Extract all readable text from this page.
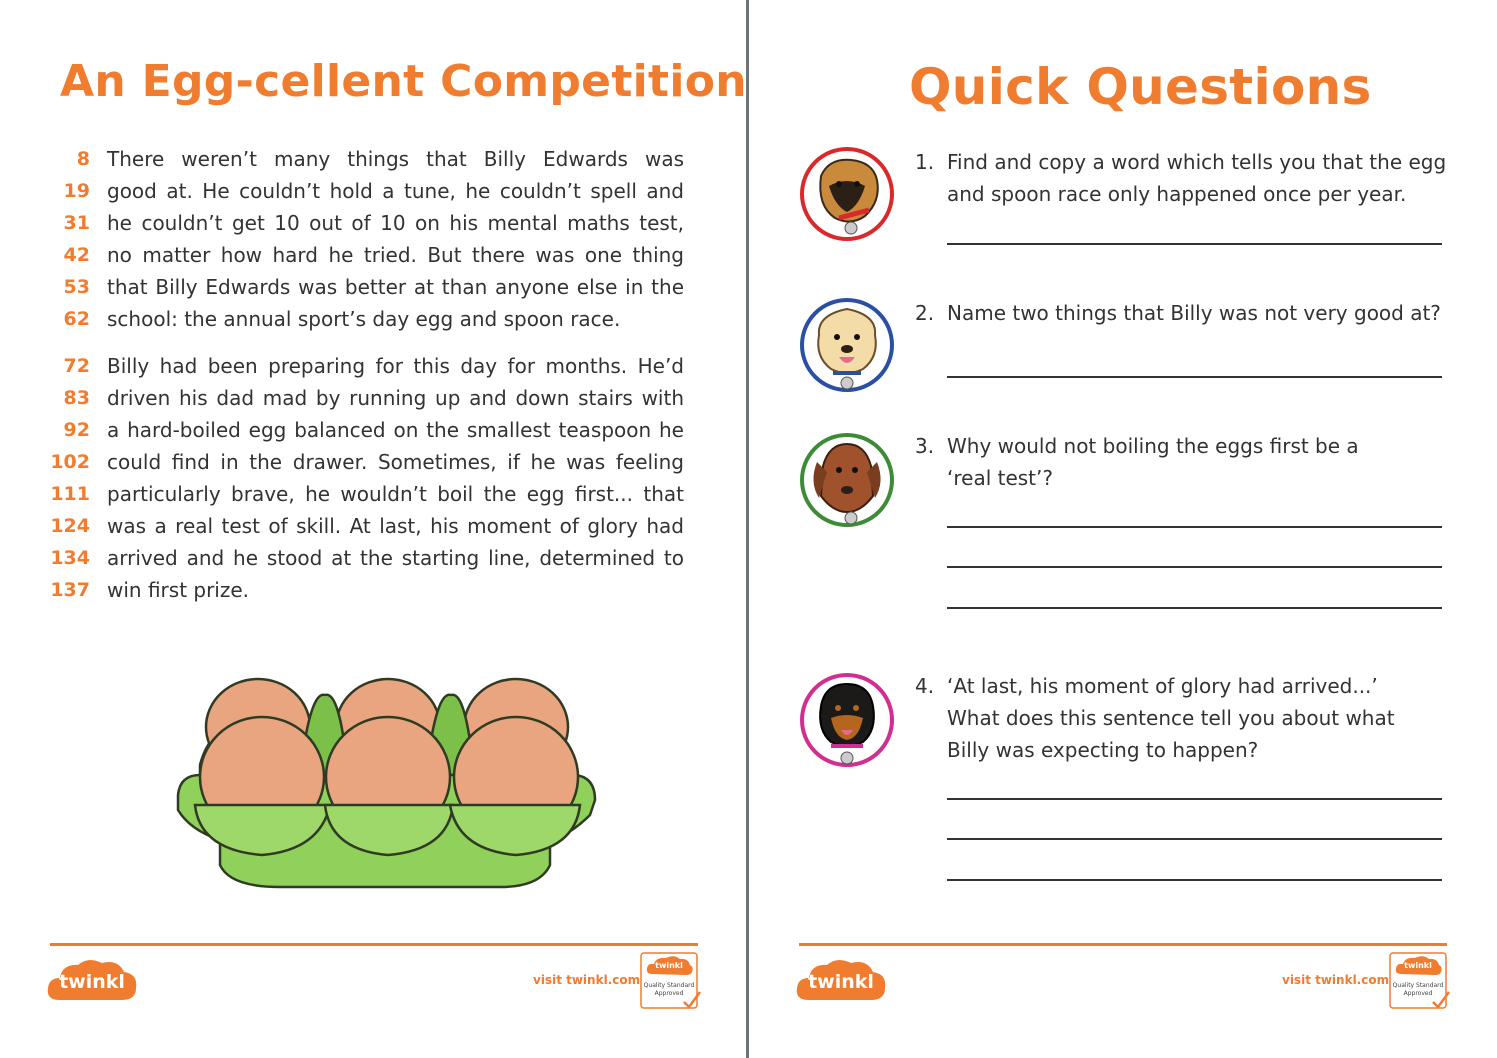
An Egg-cellent Competition
8 There weren’t many things that Billy Edwards was
19 good at. He couldn’t hold a tune, he couldn’t spell and
31 he couldn’t get 10 out of 10 on his mental maths test,
42 no matter how hard he tried. But there was one thing
53 that Billy Edwards was better at than anyone else in the
62 school: the annual sport’s day egg and spoon race.
72 Billy had been preparing for this day for months. He’d
83 driven his dad mad by running up and down stairs with
92 a hard-boiled egg balanced on the smallest teaspoon he
102 could find in the drawer. Sometimes, if he was feeling
111 particularly brave, he wouldn’t boil the egg first... that
124 was a real test of skill. At last, his moment of glory had
134 arrived and he stood at the starting line, determined to
137 win first prize.
twinkl	visit twinkl.com
twinkl
Quality Standard
Approved
Quick Questions
1. Find and copy a word which tells you that the egg and spoon race only happened once per year.
2. Name two things that Billy was not very good at?
3. Why would not boiling the eggs first be a ‘real test’?
4. ‘At last, his moment of glory had arrived...’ What does this sentence tell you about what Billy was expecting to happen?
twinkl	visit twinkl.com
twinkl
Quality Standard
Approved
